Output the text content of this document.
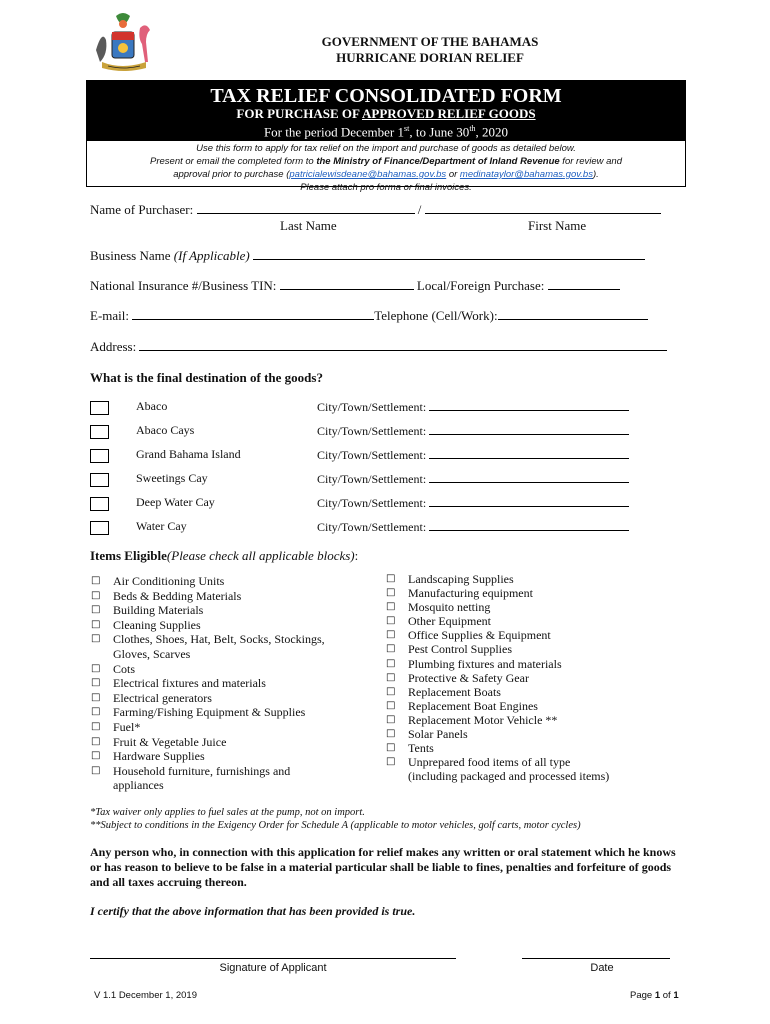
GOVERNMENT OF THE BAHAMAS
HURRICANE DORIAN RELIEF
TAX RELIEF CONSOLIDATED FORM
FOR PURCHASE OF APPROVED RELIEF GOODS
For the period December 1st, to June 30th, 2020
Use this form to apply for tax relief on the import and purchase of goods as detailed below.
Present or email the completed form to the Ministry of Finance/Department of Inland Revenue for review and
approval prior to purchase (patricialewisdeane@bahamas.gov.bs or medinataylor@bahamas.gov.bs).
Please attach pro forma or final invoices.
Name of Purchaser:	/
Last Name	First Name
Business Name (If Applicable)
National Insurance #/Business TIN:	Local/Foreign Purchase:
E-mail:	Telephone (Cell/Work):
Address:
What is the final destination of the goods?
Abaco	City/Town/Settlement:
Abaco Cays	City/Town/Settlement:
Grand Bahama Island	City/Town/Settlement:
Sweetings Cay	City/Town/Settlement:
Deep Water Cay	City/Town/Settlement:
Water Cay	City/Town/Settlement:
Items Eligible(Please check all applicable blocks):
□ Air Conditioning Units
□ Beds & Bedding Materials
□ Building Materials
□ Cleaning Supplies
□ Clothes, Shoes, Hat, Belt, Socks, Stockings, Gloves, Scarves
□ Cots
□ Electrical fixtures and materials
□ Electrical generators
□ Farming/Fishing Equipment & Supplies
□ Fuel*
□ Fruit & Vegetable Juice
□ Hardware Supplies
□ Household furniture, furnishings and appliances
□ Landscaping Supplies
□ Manufacturing equipment
□ Mosquito netting
□ Other Equipment
□ Office Supplies & Equipment
□ Pest Control Supplies
□ Plumbing fixtures and materials
□ Protective & Safety Gear
□ Replacement Boats
□ Replacement Boat Engines
□ Replacement Motor Vehicle **
□ Solar Panels
□ Tents
□ Unprepared food items of all type (including packaged and processed items)
*Tax waiver only applies to fuel sales at the pump, not on import.
**Subject to conditions in the Exigency Order for Schedule A (applicable to motor vehicles, golf carts, motor cycles)
Any person who, in connection with this application for relief makes any written or oral statement which he knows or has reason to believe to be false in a material particular shall be liable to fines, penalties and forfeiture of goods and all taxes accruing thereon.
I certify that the above information that has been provided is true.
Signature of Applicant	Date
V 1.1 December 1, 2019	Page 1 of 1
